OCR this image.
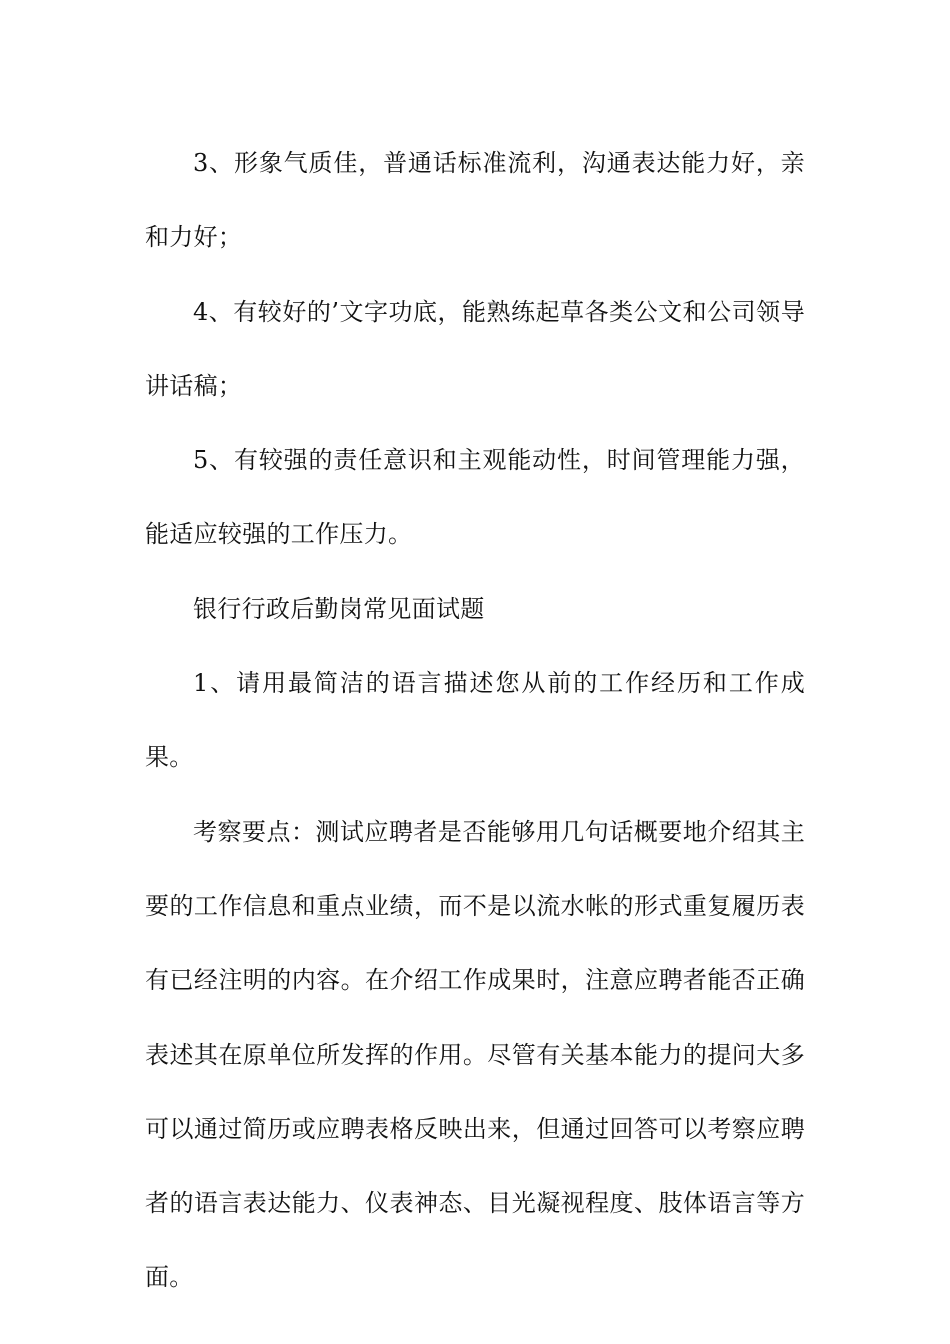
3、形象气质佳，普通话标准流利，沟通表达能力好，亲和力好；

4、有较好的’文字功底，能熟练起草各类公文和公司领导讲话稿；

5、有较强的责任意识和主观能动性，时间管理能力强，能适应较强的工作压力。

银行行政后勤岗常见面试题

1、请用最简洁的语言描述您从前的工作经历和工作成果。

考察要点：测试应聘者是否能够用几句话概要地介绍其主要的工作信息和重点业绩，而不是以流水帐的形式重复履历表有已经注明的内容。在介绍工作成果时，注意应聘者能否正确表述其在原单位所发挥的作用。尽管有关基本能力的提问大多可以通过简历或应聘表格反映出来，但通过回答可以考察应聘者的语言表达能力、仪表神态、目光凝视程度、肢体语言等方面。
